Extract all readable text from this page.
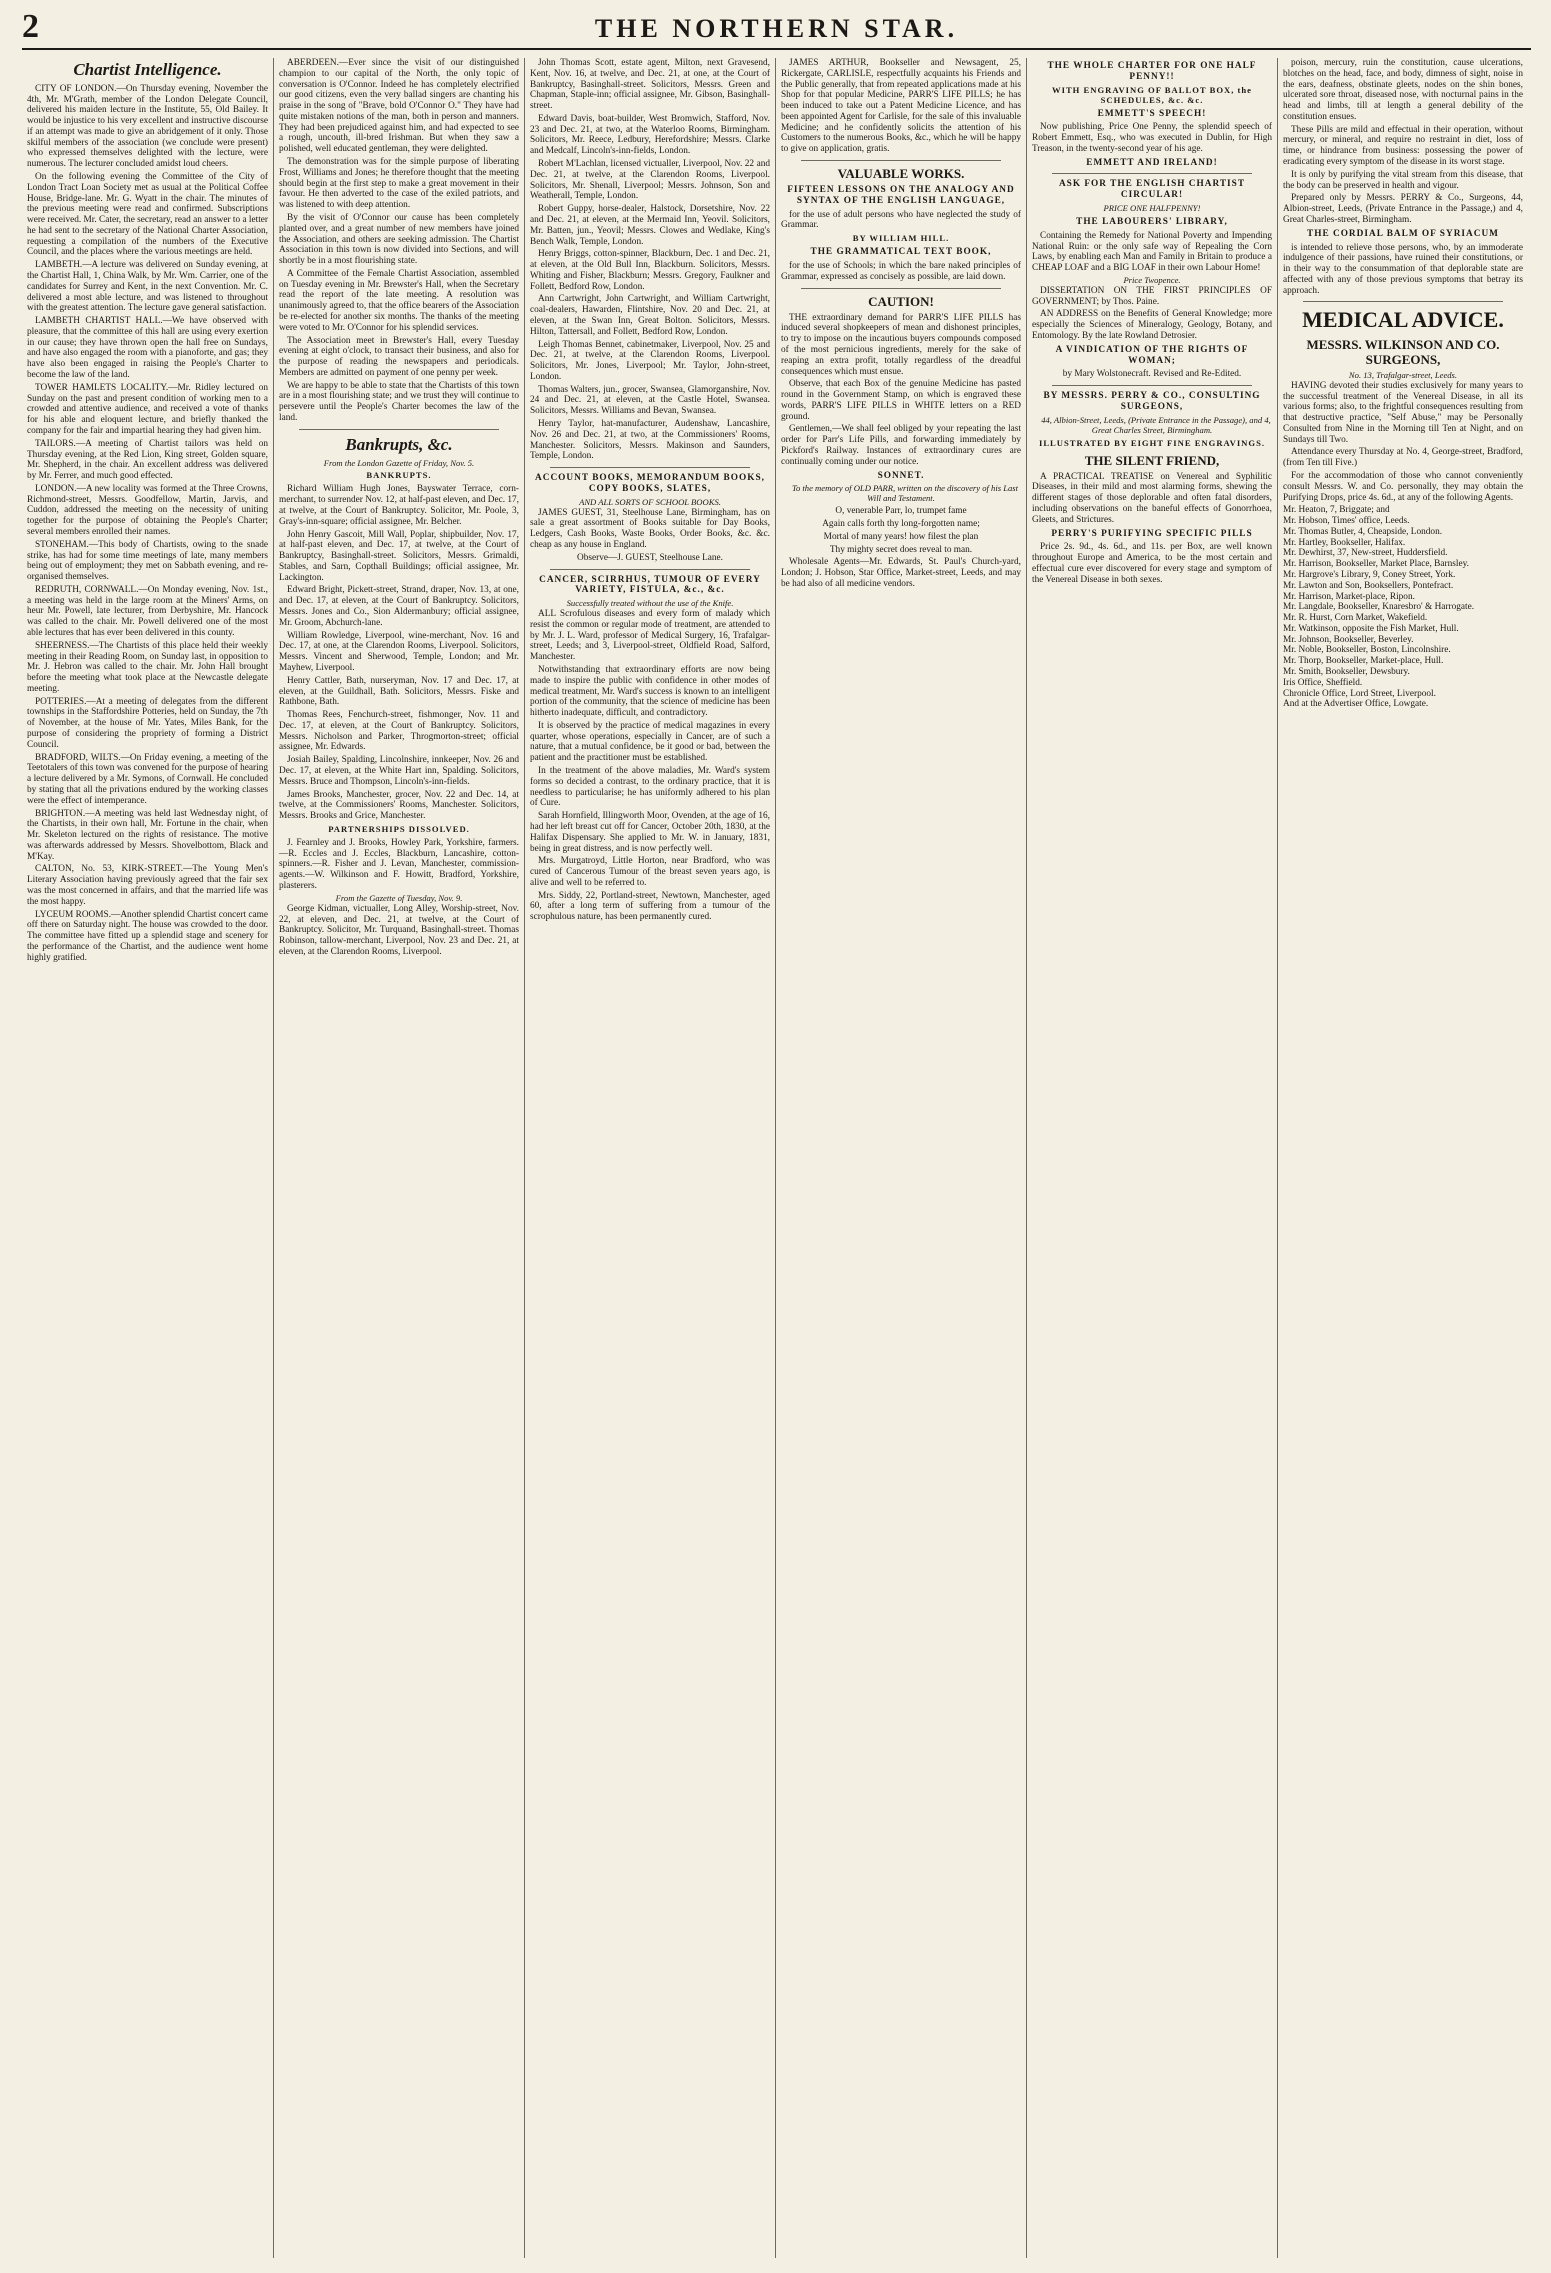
2	THE NORTHERN STAR.
Chartist Intelligence.

CITY OF LONDON.—On Thursday evening, November the 4th, Mr. M'Grath, member of the London Delegate Council, delivered his maiden lecture in the Institute, 55, Old Bailey. It would be injustice to his very excellent and instructive discourse if an attempt was made to give an abridgement of it only. Those skilful members of the association (we conclude were present) who expressed themselves delighted with the lecture, were numerous. The lecturer concluded amidst loud cheers.

On the following evening the Committee of the City of London Tract Loan Society met as usual at the Political Coffee House, Bridge-lane. Mr. G. Wyatt in the chair. The minutes of the previous meeting were read and confirmed. Subscriptions were received. Mr. Cater, the secretary, read an answer to a letter he had sent to the secretary of the National Charter Association, requesting a compilation of the numbers of the Executive Council, and the places where the various meetings are held.

LAMBETH.—A lecture was delivered on Sunday evening, at the Chartist Hall, 1, China Walk, by Mr. Wm. Carrier, one of the candidates for Surrey and Kent, in the next Convention. Mr. C. delivered a most able lecture, and was listened to throughout with the greatest attention. The lecture gave general satisfaction.

LAMBETH CHARTIST HALL.—We have observed with pleasure, that the committee of this hall are using every exertion in our cause; they have thrown open the hall free on Sundays, and have also engaged the room with a pianoforte, and gas; they have also been engaged in raising the People's Charter to become the law of the land.

TOWER HAMLETS LOCALITY.—Mr. Ridley lectured on Sunday on the past and present condition of working men to a crowded and attentive audience, and received a vote of thanks for his able and eloquent lecture, and briefly thanked the company for the fair and impartial hearing they had given him.

TAILORS.—A meeting of Chartist tailors was held on Thursday evening, at the Red Lion, King street, Golden square, Mr. Shepherd, in the chair. An excellent address was delivered by Mr. Ferrer, and much good effected.

LONDON.—A new locality was formed at the Three Crowns, Richmond-street, Messrs. Goodfellow, Martin, Jarvis, and Cuddon, addressed the meeting on the necessity of uniting together for the purpose of obtaining the People's Charter; several members enrolled their names.

STONEHAM.—This body of Chartists, owing to the snade strike, has had for some time meetings of late, many members being out of employment; they met on Sabbath evening, and re-organised themselves.

REDRUTH, CORNWALL.—On Monday evening, Nov. 1st., a meeting was held in the large room at the Miners' Arms, on heur Mr. Powell, late lecturer, from Derbyshire, Mr. Hancock was called to the chair. Mr. Powell delivered one of the most able lectures that has ever been delivered in this county.

SHEERNESS.—The Chartists of this place held their weekly meeting in their Reading Room, on Sunday last, in opposition to Mr. J. Hebron was called to the chair. Mr. John Hall brought before the meeting what took place at the Newcastle delegate meeting.

POTTERIES.—At a meeting of delegates from the different townships in the Staffordshire Potteries, held on Sunday, the 7th of November, at the house of Mr. Yates, Miles Bank, for the purpose of considering the propriety of forming a District Council.

BRADFORD, WILTS.—On Friday evening, a meeting of the Teetotalers of this town was convened for the purpose of hearing a lecture delivered by a Mr. Symons, of Cornwall. He concluded by stating that all the privations endured by the working classes were the effect of intemperance.

BRIGHTON.—A meeting was held last Wednesday night, of the Chartists, in their own hall, Mr. Fortune in the chair, when Mr. Skeleton lectured on the rights of resistance. The motive was afterwards addressed by Messrs. Shovelbottom, Black and M'Kay.

CALTON, No. 53, KIRK-STREET.—The Young Men's Literary Association having previously agreed that the fair sex was the most concerned in affairs, and that the married life was the most happy.

LYCEUM ROOMS.—Another splendid Chartist concert came off there on Saturday night. The house was crowded to the door. The committee have fitted up a splendid stage and scenery for the performance of the Chartist, and the audience went home highly gratified.

ABERDEEN.—Ever since the visit of our distinguished champion to our capital of the North, the only topic of conversation is O'Connor. Indeed he has completely electrified our good citizens, even the very ballad singers are chanting his praise in the song of "Brave, bold O'Connor O." They have had quite mistaken notions of the man, both in person and manners. They had been prejudiced against him, and had expected to see a rough, uncouth, ill-bred Irishman. But when they saw a polished, well educated gentleman, they were delighted.

The demonstration was for the simple purpose of liberating Frost, Williams and Jones; he therefore thought that the meeting should begin at the first step to make a great movement in their favour. He then adverted to the case of the exiled patriots, and was listened to with deep attention.

By the visit of O'Connor our cause has been completely planted over, and a great number of new members have joined the Association, and others are seeking admission. The Chartist Association in this town is now divided into Sections, and will shortly be in a most flourishing state.

A Committee of the Female Chartist Association, assembled on Tuesday evening in Mr. Brewster's Hall, when the Secretary read the report of the late meeting. A resolution was unanimously agreed to, that the office bearers of the Association be re-elected for another six months. The thanks of the meeting were voted to Mr. O'Connor for his splendid services.

The Association meet in Brewster's Hall, every Tuesday evening at eight o'clock, to transact their business, and also for the purpose of reading the newspapers and periodicals. Members are admitted on payment of one penny per week.

We are happy to be able to state that the Chartists of this town are in a most flourishing state; and we trust they will continue to persevere until the People's Charter becomes the law of the land.

Bankrupts, &c.
From the London Gazette of Friday, Nov. 5.
BANKRUPTS.

Richard William Hugh Jones, Bayswater Terrace, corn-merchant, to surrender Nov. 12, at half-past eleven, and Dec. 17, at twelve, at the Court of Bankruptcy. Solicitor, Mr. Poole, 3, Gray's-inn-square; official assignee, Mr. Belcher.

John Henry Gascoit, Mill Wall, Poplar, shipbuilder, Nov. 17, at half-past eleven, and Dec. 17, at twelve, at the Court of Bankruptcy, Basinghall-street. Solicitors, Messrs. Grimaldi, Stables, and Sarn, Copthall Buildings; official assignee, Mr. Lackington.

Edward Bright, Pickett-street, Strand, draper, Nov. 13, at one, and Dec. 17, at eleven, at the Court of Bankruptcy. Solicitors, Messrs. Jones and Co., Sion Aldermanbury; official assignee, Mr. Groom, Abchurch-lane.

William Rowledge, Liverpool, wine-merchant, Nov. 16 and Dec. 17, at one, at the Clarendon Rooms, Liverpool. Solicitors, Messrs. Vincent and Sherwood, Temple, London; and Mr. Mayhew, Liverpool.

Henry Cattler, Bath, nurseryman, Nov. 17 and Dec. 17, at eleven, at the Guildhall, Bath. Solicitors, Messrs. Fiske and Rathbone, Bath.

Thomas Rees, Fenchurch-street, fishmonger, Nov. 11 and Dec. 17, at eleven, at the Court of Bankruptcy. Solicitors, Messrs. Nicholson and Parker, Throgmorton-street; official assignee, Mr. Edwards.

Josiah Bailey, Spalding, Lincolnshire, innkeeper, Nov. 26 and Dec. 17, at eleven, at the White Hart inn, Spalding. Solicitors, Messrs. Bruce and Thompson, Lincoln's-inn-fields.

James Brooks, Manchester, grocer, Nov. 22 and Dec. 14, at twelve, at the Commissioners' Rooms, Manchester. Solicitors, Messrs. Brooks and Grice, Manchester.

PARTNERSHIPS DISSOLVED.

J. Fearnley and J. Brooks, Howley Park, Yorkshire, farmers.—R. Eccles and J. Eccles, Blackburn, Lancashire, cotton-spinners.—R. Fisher and J. Levan, Manchester, commission-agents.—W. Wilkinson and F. Howitt, Bradford, Yorkshire, plasterers.

From the Gazette of Tuesday, Nov. 9.

George Kidman, victualler, Long Alley, Worship-street, Nov. 22, at eleven, and Dec. 21, at twelve, at the Court of Bankruptcy. Solicitor, Mr. Turquand, Basinghall-street. Thomas Robinson, tallow-merchant, Liverpool, Nov. 23 and Dec. 21, at eleven, at the Clarendon Rooms, Liverpool.

John Thomas Scott, estate agent, Milton, next Gravesend, Kent, Nov. 16, at twelve, and Dec. 21, at one, at the Court of Bankruptcy, Basinghall-street. Solicitors, Messrs. Green and Chapman, Staple-inn; official assignee, Mr. Gibson, Basinghall-street.

Edward Davis, boat-builder, West Bromwich, Stafford, Nov. 23 and Dec. 21, at two, at the Waterloo Rooms, Birmingham. Solicitors, Mr. Reece, Ledbury, Herefordshire; Messrs. Clarke and Medcalf, Lincoln's-inn-fields, London.

Robert M'Lachlan, licensed victualler, Liverpool, Nov. 22 and Dec. 21, at twelve, at the Clarendon Rooms, Liverpool. Solicitors, Mr. Shenall, Liverpool; Messrs. Johnson, Son and Weatherall, Temple, London.

Robert Guppy, horse-dealer, Halstock, Dorsetshire, Nov. 22 and Dec. 21, at eleven, at the Mermaid Inn, Yeovil. Solicitors, Mr. Batten, jun., Yeovil; Messrs. Clowes and Wedlake, King's Bench Walk, Temple, London.

Henry Briggs, cotton-spinner, Blackburn, Dec. 1 and Dec. 21, at eleven, at the Old Bull Inn, Blackburn. Solicitors, Messrs. Whiting and Fisher, Blackburn; Messrs. Gregory, Faulkner and Follett, Bedford Row, London.

Ann Cartwright, John Cartwright, and William Cartwright, coal-dealers, Hawarden, Flintshire, Nov. 20 and Dec. 21, at eleven, at the Swan Inn, Great Bolton. Solicitors, Messrs. Hilton, Tattersall, and Follett, Bedford Row, London.

Leigh Thomas Bennet, cabinetmaker, Liverpool, Nov. 25 and Dec. 21, at twelve, at the Clarendon Rooms, Liverpool. Solicitors, Mr. Jones, Liverpool; Mr. Taylor, John-street, London.

Thomas Walters, jun., grocer, Swansea, Glamorganshire, Nov. 24 and Dec. 21, at eleven, at the Castle Hotel, Swansea. Solicitors, Messrs. Williams and Bevan, Swansea.

Henry Taylor, hat-manufacturer, Audenshaw, Lancashire, Nov. 26 and Dec. 21, at two, at the Commissioners' Rooms, Manchester. Solicitors, Messrs. Makinson and Saunders, Temple, London.

ACCOUNT BOOKS, MEMORANDUM BOOKS, COPY BOOKS, SLATES,
AND ALL SORTS OF SCHOOL BOOKS.

JAMES GUEST, 31, Steelhouse Lane, Birmingham, has on sale a great assortment of Books suitable for Day Books, Ledgers, Cash Books, Waste Books, Order Books, &c. &c. cheap as any house in England.

Observe—J. GUEST, Steelhouse Lane.

CANCER, SCIRRHUS, TUMOUR OF EVERY VARIETY, FISTULA, &c., &c.
Successfully treated without the use of the Knife.

ALL Scrofulous diseases and every form of malady which resist the common or regular mode of treatment, are attended to by Mr. J. L. Ward, professor of Medical Surgery, 16, Trafalgar-street, Leeds; and 3, Liverpool-street, Oldfield Road, Salford, Manchester.

Notwithstanding that extraordinary efforts are now being made to inspire the public with confidence in other modes of medical treatment, Mr. Ward's success is known to an intelligent portion of the community, that the science of medicine has been hitherto inadequate, difficult, and contradictory.

It is observed by the practice of medical magazines in every quarter, whose operations, especially in Cancer, are of such a nature, that a mutual confidence, be it good or bad, between the patient and the practitioner must be established.

In the treatment of the above maladies, Mr. Ward's system forms so decided a contrast, to the ordinary practice, that it is needless to particularise; he has uniformly adhered to his plan of Cure.

Sarah Hornfield, Illingworth Moor, Ovenden, at the age of 16, had her left breast cut off for Cancer, October 20th, 1830, at the Halifax Dispensary. She applied to Mr. W. in January, 1831, being in great distress, and is now perfectly well.

Mrs. Murgatroyd, Little Horton, near Bradford, who was cured of Cancerous Tumour of the breast seven years ago, is alive and well to be referred to.

Mrs. Siddy, 22, Portland-street, Newtown, Manchester, aged 60, after a long term of suffering from a tumour of the scrophulous nature, has been permanently cured.

JAMES ARTHUR, Bookseller and Newsagent, 25, Rickergate, CARLISLE, respectfully acquaints his Friends and the Public generally, that from repeated applications made at his Shop for that popular Medicine, PARR'S LIFE PILLS; he has been induced to take out a Patent Medicine Licence, and has been appointed Agent for Carlisle, for the sale of this invaluable Medicine; and he confidently solicits the attention of his Customers to the numerous Books, &c., which he will be happy to give on application, gratis.

VALUABLE WORKS.
FIFTEEN LESSONS ON THE ANALOGY AND SYNTAX OF THE ENGLISH LANGUAGE,

for the use of adult persons who have neglected the study of Grammar.

BY WILLIAM HILL.
THE GRAMMATICAL TEXT BOOK,

for the use of Schools; in which the bare naked principles of Grammar, expressed as concisely as possible, are laid down.

CAUTION!

THE extraordinary demand for PARR'S LIFE PILLS has induced several shopkeepers of mean and dishonest principles, to try to impose on the incautious buyers compounds composed of the most pernicious ingredients, merely for the sake of reaping an extra profit, totally regardless of the dreadful consequences which must ensue.

Observe, that each Box of the genuine Medicine has pasted round in the Government Stamp, on which is engraved these words, PARR'S LIFE PILLS in WHITE letters on a RED ground.

Gentlemen,—We shall feel obliged by your repeating the last order for Parr's Life Pills, and forwarding immediately by Pickford's Railway. Instances of extraordinary cures are continually coming under our notice.

SONNET.

To the memory of OLD PARR, written on the discovery of his Last Will and Testament.

O, venerable Parr, lo, trumpet fame

Again calls forth thy long-forgotten name;

Mortal of many years! how filest the plan

Thy mighty secret does reveal to man.

Wholesale Agents—Mr. Edwards, St. Paul's Church-yard, London; J. Hobson, Star Office, Market-street, Leeds, and may be had also of all medicine vendors.

THE WHOLE CHARTER FOR ONE HALF PENNY!!
WITH ENGRAVING OF BALLOT BOX, the SCHEDULES, &c. &c.
EMMETT'S SPEECH!

Now publishing, Price One Penny, the splendid speech of Robert Emmett, Esq., who was executed in Dublin, for High Treason, in the twenty-second year of his age.

EMMETT AND IRELAND!
ASK FOR THE ENGLISH CHARTIST CIRCULAR!
PRICE ONE HALFPENNY!
THE LABOURERS' LIBRARY,

Containing the Remedy for National Poverty and Impending National Ruin: or the only safe way of Repealing the Corn Laws, by enabling each Man and Family in Britain to produce a CHEAP LOAF and a BIG LOAF in their own Labour Home!

Price Twopence.

DISSERTATION ON THE FIRST PRINCIPLES OF GOVERNMENT; by Thos. Paine.

AN ADDRESS on the Benefits of General Knowledge; more especially the Sciences of Mineralogy, Geology, Botany, and Entomology. By the late Rowland Detrosier.

A VINDICATION OF THE RIGHTS OF WOMAN;

by Mary Wolstonecraft. Revised and Re-Edited.

BY MESSRS. PERRY & CO., CONSULTING SURGEONS,

44, Albion-Street, Leeds, (Private Entrance in the Passage), and 4, Great Charles Street, Birmingham.

ILLUSTRATED BY EIGHT FINE ENGRAVINGS.
THE SILENT FRIEND,

A PRACTICAL TREATISE on Venereal and Syphilitic Diseases, in their mild and most alarming forms, shewing the different stages of those deplorable and often fatal disorders, including observations on the baneful effects of Gonorrhoea, Gleets, and Strictures.

PERRY'S PURIFYING SPECIFIC PILLS

Price 2s. 9d., 4s. 6d., and 11s. per Box, are well known throughout Europe and America, to be the most certain and effectual cure ever discovered for every stage and symptom of the Venereal Disease in both sexes.

poison, mercury, ruin the constitution, cause ulcerations, blotches on the head, face, and body, dimness of sight, noise in the ears, deafness, obstinate gleets, nodes on the shin bones, ulcerated sore throat, diseased nose, with nocturnal pains in the head and limbs, till at length a general debility of the constitution ensues.

These Pills are mild and effectual in their operation, without mercury, or mineral, and require no restraint in diet, loss of time, or hindrance from business: possessing the power of eradicating every symptom of the disease in its worst stage.

It is only by purifying the vital stream from this disease, that the body can be preserved in health and vigour.

Prepared only by Messrs. PERRY & Co., Surgeons, 44, Albion-street, Leeds, (Private Entrance in the Passage,) and 4, Great Charles-street, Birmingham.

THE CORDIAL BALM OF SYRIACUM

is intended to relieve those persons, who, by an immoderate indulgence of their passions, have ruined their constitutions, or in their way to the consummation of that deplorable state are affected with any of those previous symptoms that betray its approach.

MEDICAL ADVICE.
MESSRS. WILKINSON AND CO. SURGEONS,
No. 13, Trafalgar-street, Leeds.

HAVING devoted their studies exclusively for many years to the successful treatment of the Venereal Disease, in all its various forms; also, to the frightful consequences resulting from that destructive practice, "Self Abuse," may be Personally Consulted from Nine in the Morning till Ten at Night, and on Sundays till Two.

Attendance every Thursday at No. 4, George-street, Bradford, (from Ten till Five.)

For the accommodation of those who cannot conveniently consult Messrs. W. and Co. personally, they may obtain the Purifying Drops, price 4s. 6d., at any of the following Agents.

Mr. Heaton, 7, Briggate; and

Mr. Hobson, Times' office, Leeds.

Mr. Thomas Butler, 4, Cheapside, London.

Mr. Hartley, Bookseller, Halifax.

Mr. Dewhirst, 37, New-street, Huddersfield.

Mr. Harrison, Bookseller, Market Place, Barnsley.

Mr. Hargrove's Library, 9, Coney Street, York.

Mr. Lawton and Son, Booksellers, Pontefract.

Mr. Harrison, Market-place, Ripon.

Mr. Langdale, Bookseller, Knaresbro' & Harrogate.

Mr. R. Hurst, Corn Market, Wakefield.

Mr. Watkinson, opposite the Fish Market, Hull.

Mr. Johnson, Bookseller, Beverley.

Mr. Noble, Bookseller, Boston, Lincolnshire.

Mr. Thorp, Bookseller, Market-place, Hull.

Mr. Smith, Bookseller, Dewsbury.

Iris Office, Sheffield.

Chronicle Office, Lord Street, Liverpool.

And at the Advertiser Office, Lowgate.
